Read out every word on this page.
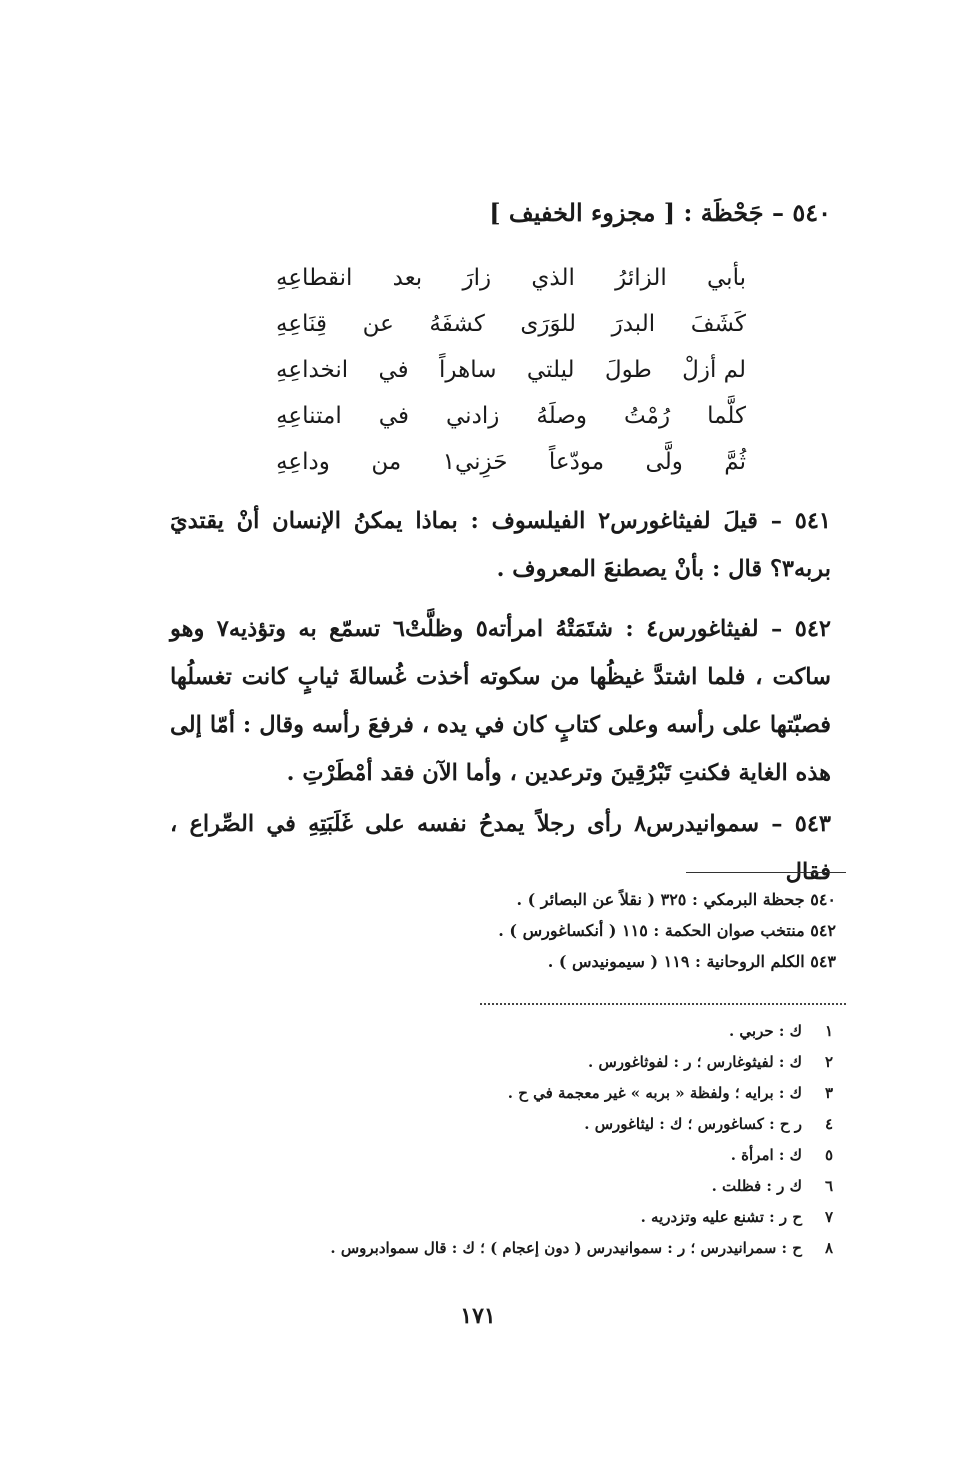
٥٤٠ – جَحْظَة : [ مجزوء الخفيف ]
بأبي
الزائرُ
الذي
زارَ
بعد
انقطاعِهِ
كَشَفَ
البدرَ
للوَرَى
كشفَهُ
عن
قِنَاعِهِ
لم أزلْ
طولَ
ليلتي
ساهراً
في
انخداعِهِ
كلَّما
رُمْتُ
وصلَهُ
زادني
في
امتناعِهِ
ثُمَّ
ولَّى
مودّعاً
حَزِني١
من
وداعِهِ
٥٤١ – قيلَ لفيثاغورس٢ الفيلسوف : بماذا يمكنُ الإنسان أنْ يقتديَ بربه٣؟ قال : بأنْ يصطنعَ المعروف .
٥٤٢ – لفيثاغورس٤ : شتَمَتْهُ امرأته٥ وظلَّتْ٦ تسمّع به وتؤذيه٧ وهو ساكت ، فلما اشتدَّ غيظُها من سكوته أخذت غُسالةَ ثيابٍ كانت تغسلُها فصبّتها على رأسه وعلى كتابٍ كان في يده ، فرفعَ رأسه وقال : أمّا إلى هذه الغاية فكنتِ تَبْرُقِينَ وترعدين ، وأما الآن فقد أمْطَرْتِ .
٥٤٣ – سموانيدرس٨ رأى رجلاً يمدحُ نفسه على غَلَبَتِهِ في الصِّراع ، فقال
٥٤٠ جحظة البرمكي : ٣٢٥ ( نقلاً عن البصائر ) .
٥٤٢ منتخب صوان الحكمة : ١١٥ ( أنكساغورس ) .
٥٤٣ الكلم الروحانية : ١١٩ ( سيمونيدس ) .
١
ك : حربي .
٢
ك : لفيثوغارس ؛ ر : لفوثاغورس .
٣
ك : برايه ؛ ولفظة « بربه » غير معجمة في ح .
٤
ر ح : كساغورس ؛ ك : ليثاغورس .
٥
ك : امرأة .
٦
ك ر : فظلت .
٧
ح ر : تشنع عليه وتزدريه .
٨
ح : سمرانيدرس ؛ ر : سموانيدرس ( دون إعجام ) ؛ ك : قال سموادبروس .
١٧١
